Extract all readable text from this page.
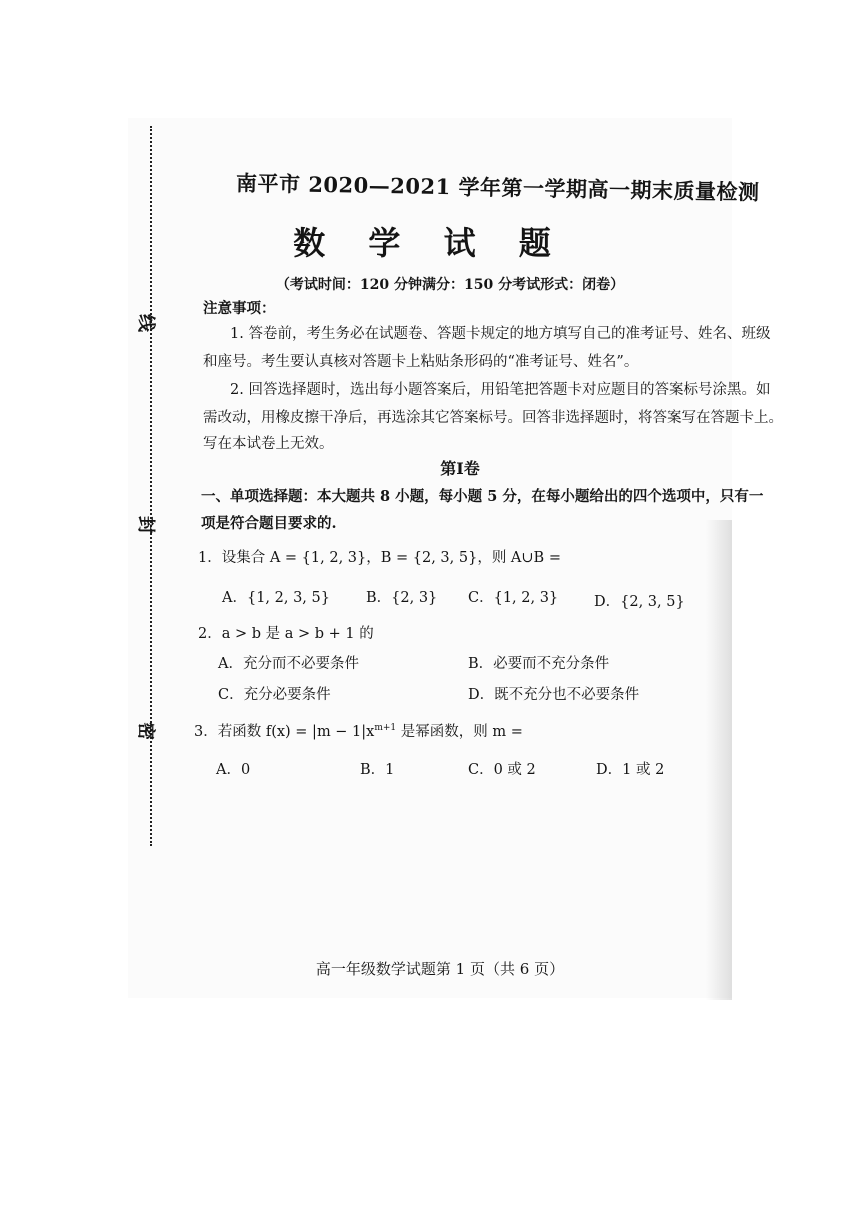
线
封
密
南平市 2020—2021 学年第一学期高一期末质量检测
数 学 试 题
（考试时间：120 分钟满分：150 分考试形式：闭卷）
注意事项：
1. 答卷前，考生务必在试题卷、答题卡规定的地方填写自己的准考证号、姓名、班级
和座号。考生要认真核对答题卡上粘贴条形码的“准考证号、姓名”。
2. 回答选择题时，选出每小题答案后，用铅笔把答题卡对应题目的答案标号涂黑。如
需改动，用橡皮擦干净后，再选涂其它答案标号。回答非选择题时，将答案写在答题卡上。
写在本试卷上无效。
第Ⅰ卷
一、单项选择题：本大题共 8 小题，每小题 5 分，在每小题给出的四个选项中，只有一
项是符合题目要求的.
1．设集合 A = {1, 2, 3}，B = {2, 3, 5}，则 A∪B =
A．{1, 2, 3, 5} B．{2, 3} C．{1, 2, 3} D．{2, 3, 5}
2．a > b 是 a > b + 1 的
A．充分而不必要条件	B．必要而不充分条件
C．充分必要条件	D．既不充分也不必要条件
3．若函数 $f(x) = |m - 1|x^{m+1}$ 是幂函数，则 m =
A．0	B．1	C．0 或 2	D．1 或 2
高一年级数学试题第 1 页（共 6 页）
